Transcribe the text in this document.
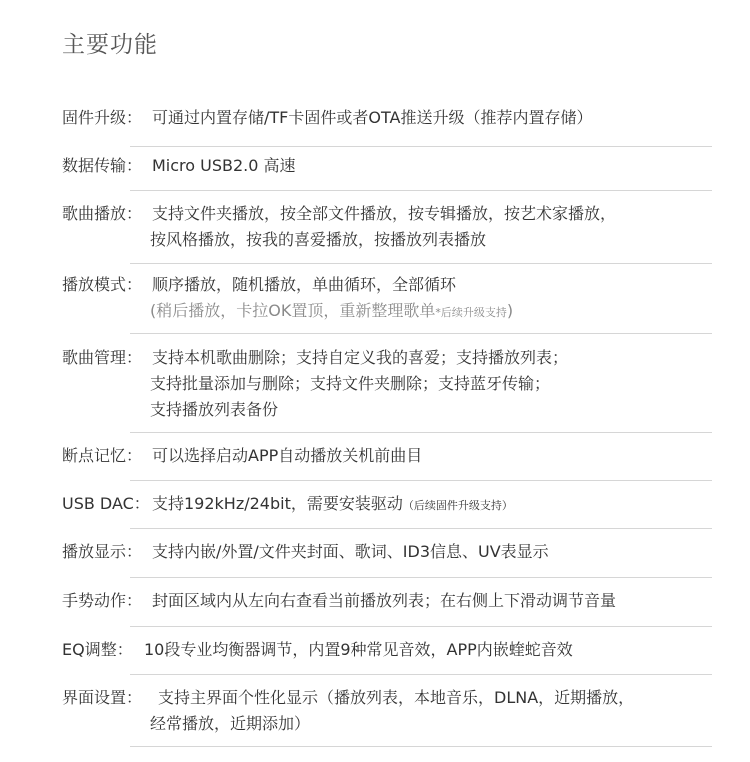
主要功能
固件升级： 可通过内置存储/TF卡固件或者OTA推送升级（推荐内置存储）
数据传输： Micro USB2.0 高速
歌曲播放： 支持文件夹播放，按全部文件播放，按专辑播放，按艺术家播放，
按风格播放，按我的喜爱播放，按播放列表播放
播放模式： 顺序播放，随机播放，单曲循环，全部循环
(稍后播放，卡拉OK置顶，重新整理歌单*后续升级支持)
歌曲管理： 支持本机歌曲删除；支持自定义我的喜爱；支持播放列表；
支持批量添加与删除；支持文件夹删除；支持蓝牙传输；
支持播放列表备份
断点记忆： 可以选择启动APP自动播放关机前曲目
USB DAC： 支持192kHz/24bit，需要安装驱动（后续固件升级支持）
播放显示： 支持内嵌/外置/文件夹封面、歌词、ID3信息、UV表显示
手势动作： 封面区域内从左向右查看当前播放列表；在右侧上下滑动调节音量
EQ调整： 10段专业均衡器调节，内置9种常见音效，APP内嵌蝰蛇音效
界面设置： 支持主界面个性化显示（播放列表，本地音乐，DLNA，近期播放，
经常播放，近期添加）
